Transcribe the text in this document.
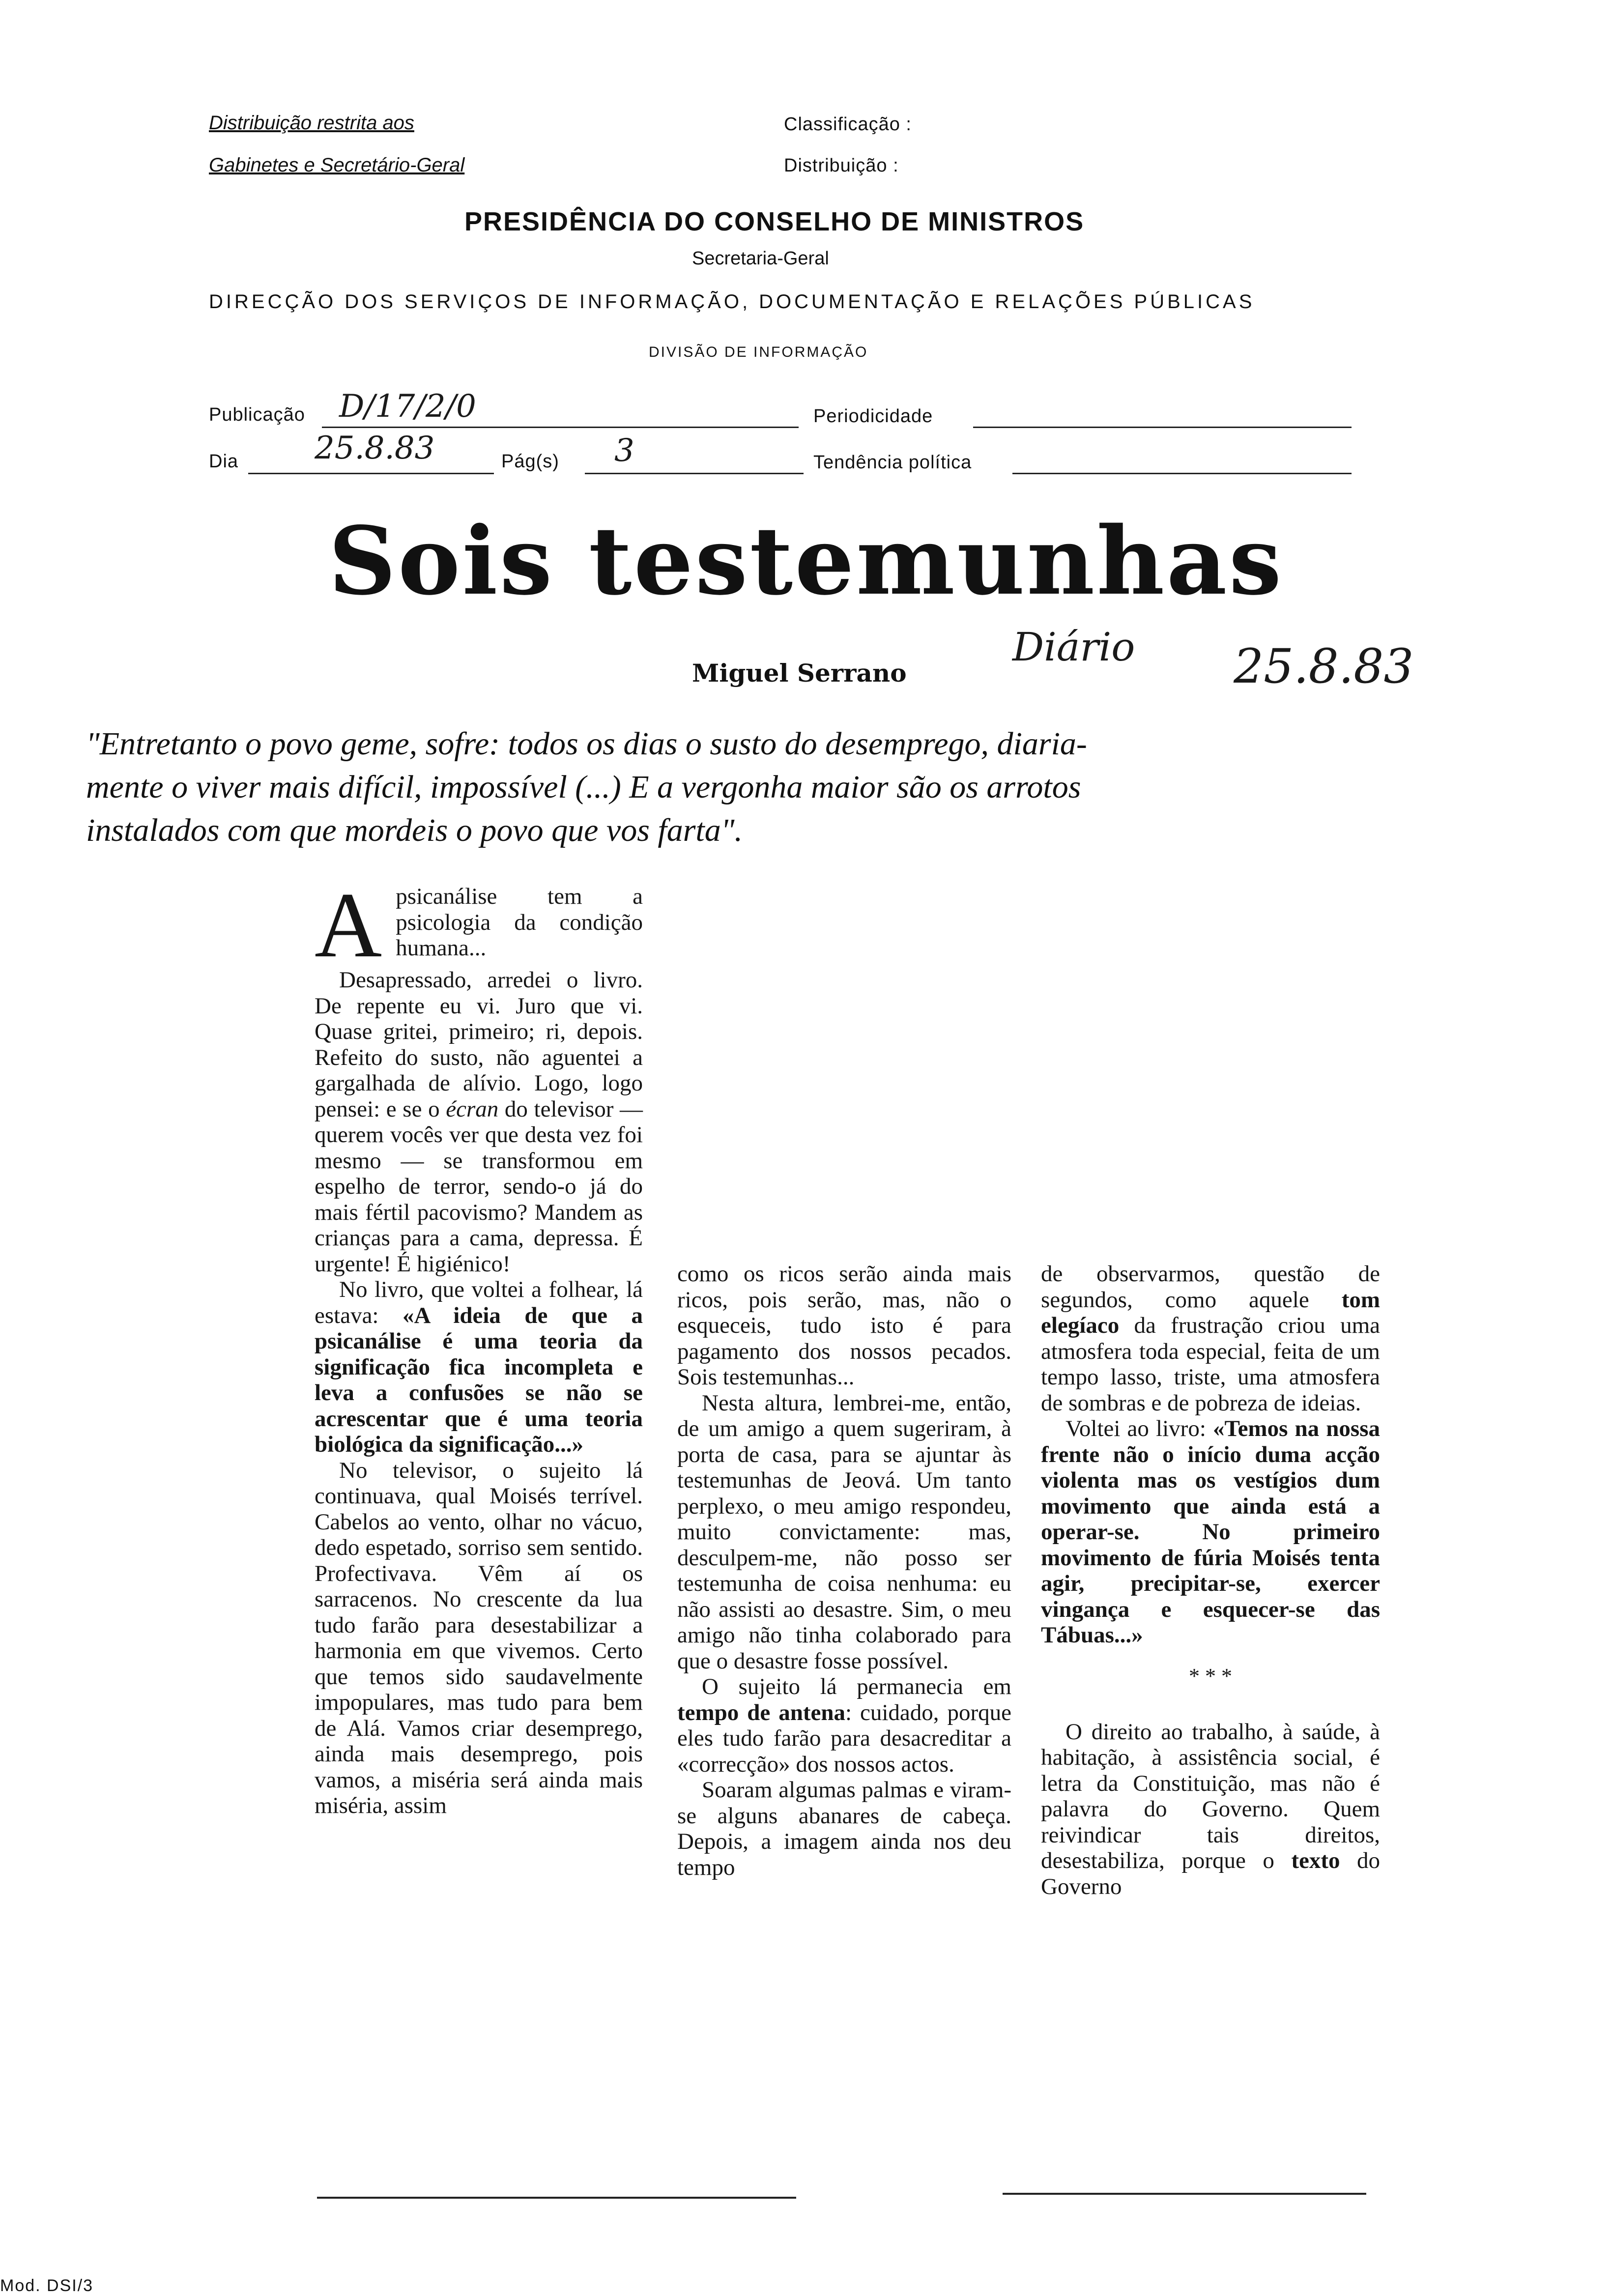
Distribuição restrita aos
Gabinetes e Secretário-Geral
Classificação :
Distribuição :
PRESIDÊNCIA DO CONSELHO DE MINISTROS
Secretaria-Geral
DIRECÇÃO DOS SERVIÇOS DE INFORMAÇÃO, DOCUMENTAÇÃO E RELAÇÕES PÚBLICAS
DIVISÃO DE INFORMAÇÃO
Publicação D/17/2/0	Periodicidade
Dia 25.8.83	Pág(s) 3	Tendência política
Sois testemunhas
Miguel Serrano
Diário 25.8.83
"Entretanto o povo geme, sofre: todos os dias o susto do desemprego, diaria-
mente o viver mais difícil, impossível (...) E a vergonha maior são os arrotos
instalados com que mordeis o povo que vos farta".
A psicanálise tem a psicologia da condição humana...

Desapressado, arredei o livro. De repente eu vi. Juro que vi. Quase gritei, primeiro; ri, depois. Refeito do susto, não aguentei a gargalhada de alívio. Logo, logo pensei: e se o écran do televisor — querem vocês ver que desta vez foi mesmo — se transformou em espelho de terror, sendo-o já do mais fértil pacovismo? Mandem as crianças para a cama, depressa. É urgente! É higiénico!

No livro, que voltei a folhear, lá estava: «A ideia de que a psicanálise é uma teoria da significação fica incompleta e leva a confusões se não se acrescentar que é uma teoria biológica da significação...»

No televisor, o sujeito lá continuava, qual Moisés terrível. Cabelos ao vento, olhar no vácuo, dedo espetado, sorriso sem sentido. Profectivava. Vêm aí os sarracenos. No crescente da lua tudo farão para desestabilizar a harmonia em que vivemos. Certo que temos sido saudavelmente impopulares, mas tudo para bem de Alá. Vamos criar desemprego, ainda mais desemprego, pois vamos, a miséria será ainda mais miséria, assim

como os ricos serão ainda mais ricos, pois serão, mas, não o esqueceis, tudo isto é para pagamento dos nossos pecados. Sois testemunhas...

Nesta altura, lembrei-me, então, de um amigo a quem sugeriram, à porta de casa, para se ajuntar às testemunhas de Jeová. Um tanto perplexo, o meu amigo respondeu, muito convictamente: mas, desculpem-me, não posso ser testemunha de coisa nenhuma: eu não assisti ao desastre. Sim, o meu amigo não tinha colaborado para que o desastre fosse possível.

O sujeito lá permanecia em tempo de antena: cuidado, porque eles tudo farão para desacreditar a «correcção» dos nossos actos.

Soaram algumas palmas e viram-se alguns abanares de cabeça. Depois, a imagem ainda nos deu tempo

de observarmos, questão de segundos, como aquele tom elegíaco da frustração criou uma atmosfera toda especial, feita de um tempo lasso, triste, uma atmosfera de sombras e de pobreza de ideias.

Voltei ao livro: «Temos na nossa frente não o início duma acção violenta mas os vestígios dum movimento que ainda está a operar-se. No primeiro movimento de fúria Moisés tenta agir, precipitar-se, exercer vingança e esquecer-se das Tábuas...»

* * *

O direito ao trabalho, à saúde, à habitação, à assistência social, é letra da Constituição, mas não é palavra do Governo. Quem reivindicar tais direitos, desestabiliza, porque o texto do Governo

Mod. DSI/3
